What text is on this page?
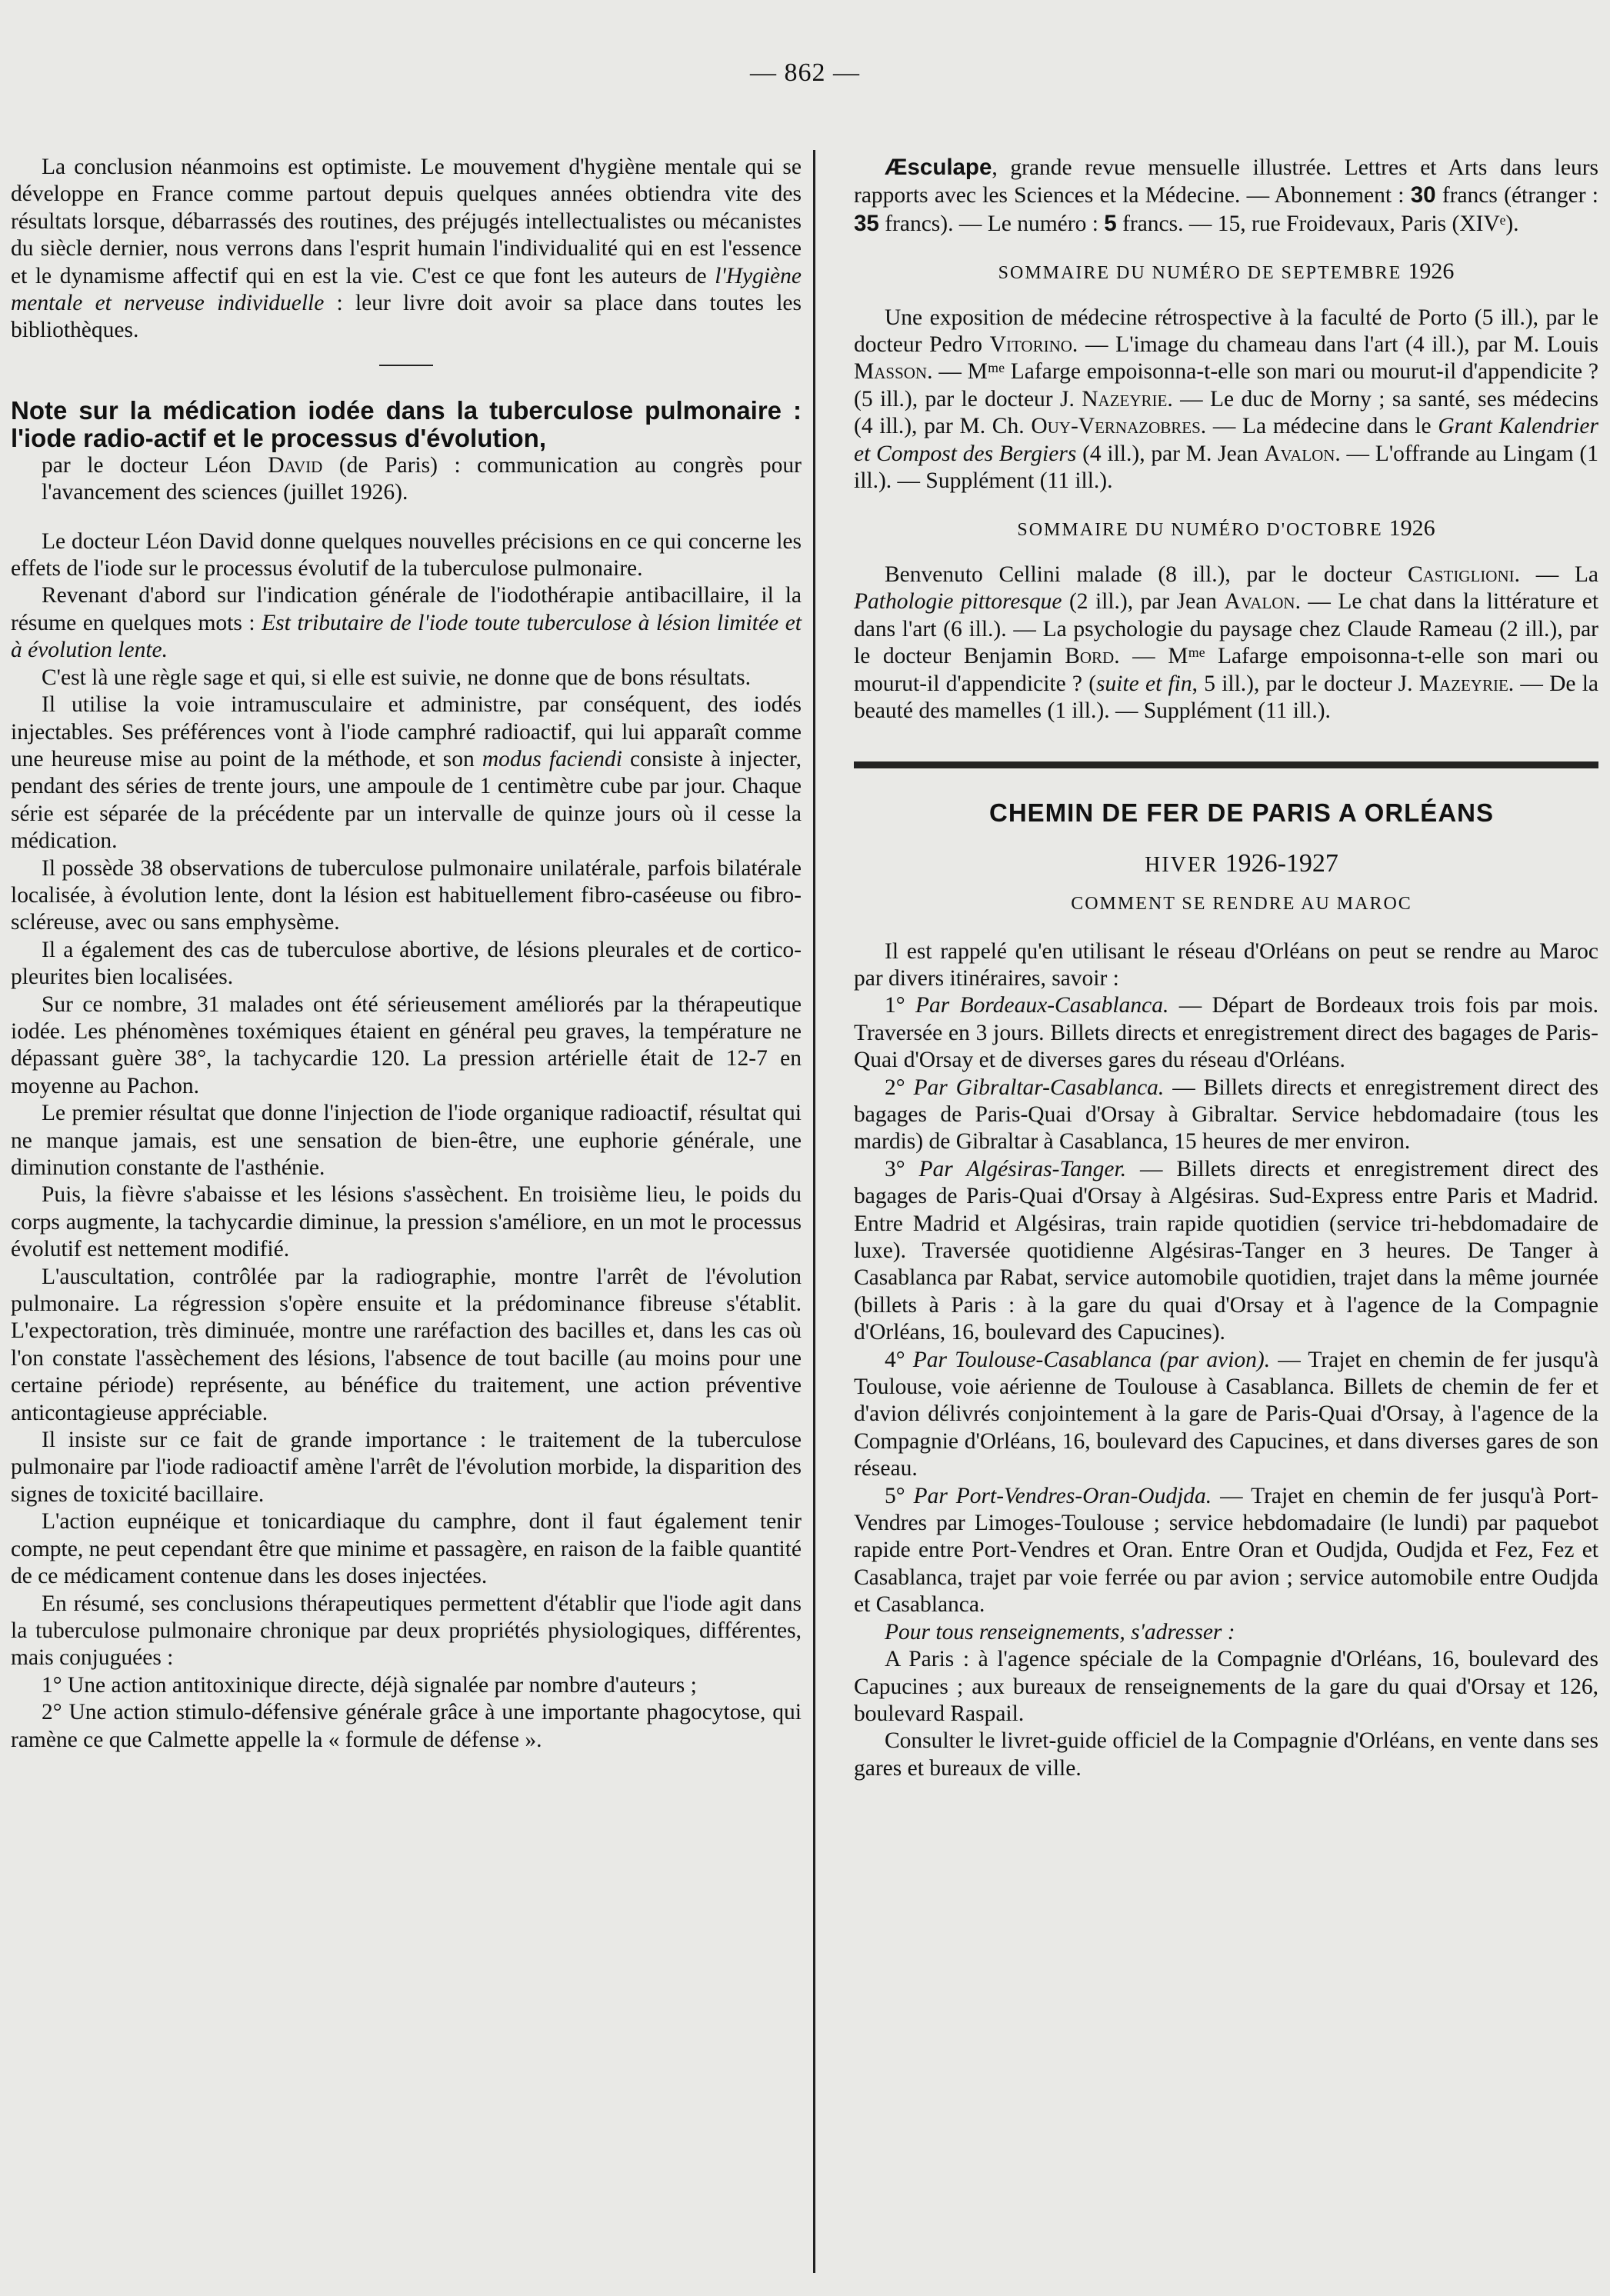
— 862 —

La conclusion néanmoins est optimiste. Le mouvement d'hygiène mentale qui se développe en France comme partout depuis quelques années obtiendra vite des résultats lorsque, débarrassés des routines, des préjugés intellectualistes ou mécanistes du siècle dernier, nous verrons dans l'esprit humain l'individualité qui en est l'essence et le dynamisme affectif qui en est la vie. C'est ce que font les auteurs de l'Hygiène mentale et nerveuse individuelle : leur livre doit avoir sa place dans toutes les bibliothèques.

Note sur la médication iodée dans la tuberculose pulmonaire : l'iode radio-actif et le processus d'évolution,

par le docteur Léon David (de Paris) : communication au congrès pour l'avancement des sciences (juillet 1926).

Le docteur Léon David donne quelques nouvelles précisions en ce qui concerne les effets de l'iode sur le processus évolutif de la tuberculose pulmonaire.

Revenant d'abord sur l'indication générale de l'iodothérapie antibacillaire, il la résume en quelques mots : Est tributaire de l'iode toute tuberculose à lésion limitée et à évolution lente.

C'est là une règle sage et qui, si elle est suivie, ne donne que de bons résultats.

Il utilise la voie intramusculaire et administre, par conséquent, des iodés injectables. Ses préférences vont à l'iode camphré radioactif, qui lui apparaît comme une heureuse mise au point de la méthode, et son modus faciendi consiste à injecter, pendant des séries de trente jours, une ampoule de 1 centimètre cube par jour. Chaque série est séparée de la précédente par un intervalle de quinze jours où il cesse la médication.

Il possède 38 observations de tuberculose pulmonaire unilatérale, parfois bilatérale localisée, à évolution lente, dont la lésion est habituellement fibro-caséeuse ou fibro-scléreuse, avec ou sans emphysème.

Il a également des cas de tuberculose abortive, de lésions pleurales et de cortico-pleurites bien localisées.

Sur ce nombre, 31 malades ont été sérieusement améliorés par la thérapeutique iodée. Les phénomènes toxémiques étaient en général peu graves, la température ne dépassant guère 38°, la tachycardie 120. La pression artérielle était de 12-7 en moyenne au Pachon.

Le premier résultat que donne l'injection de l'iode organique radioactif, résultat qui ne manque jamais, est une sensation de bien-être, une euphorie générale, une diminution constante de l'asthénie.

Puis, la fièvre s'abaisse et les lésions s'assèchent. En troisième lieu, le poids du corps augmente, la tachycardie diminue, la pression s'améliore, en un mot le processus évolutif est nettement modifié.

L'auscultation, contrôlée par la radiographie, montre l'arrêt de l'évolution pulmonaire. La régression s'opère ensuite et la prédominance fibreuse s'établit. L'expectoration, très diminuée, montre une raréfaction des bacilles et, dans les cas où l'on constate l'assèchement des lésions, l'absence de tout bacille (au moins pour une certaine période) représente, au bénéfice du traitement, une action préventive anticontagieuse appréciable.

Il insiste sur ce fait de grande importance : le traitement de la tuberculose pulmonaire par l'iode radioactif amène l'arrêt de l'évolution morbide, la disparition des signes de toxicité bacillaire.

L'action eupnéique et tonicardiaque du camphre, dont il faut également tenir compte, ne peut cependant être que minime et passagère, en raison de la faible quantité de ce médicament contenue dans les doses injectées.

En résumé, ses conclusions thérapeutiques permettent d'établir que l'iode agit dans la tuberculose pulmonaire chronique par deux propriétés physiologiques, différentes, mais conjuguées :

1° Une action antitoxinique directe, déjà signalée par nombre d'auteurs ;

2° Une action stimulo-défensive générale grâce à une importante phagocytose, qui ramène ce que Calmette appelle la « formule de défense ».

Æsculape, grande revue mensuelle illustrée. Lettres et Arts dans leurs rapports avec les Sciences et la Médecine. — Abonnement : 30 francs (étranger : 35 francs). — Le numéro : 5 francs. — 15, rue Froidevaux, Paris (XIVᵉ).

SOMMAIRE DU NUMÉRO DE SEPTEMBRE 1926

Une exposition de médecine rétrospective à la faculté de Porto (5 ill.), par le docteur Pedro Vitorino. — L'image du chameau dans l'art (4 ill.), par M. Louis Masson. — Mᵐᵉ Lafarge empoisonna-t-elle son mari ou mourut-il d'appendicite ? (5 ill.), par le docteur J. Nazeyrie. — Le duc de Morny ; sa santé, ses médecins (4 ill.), par M. Ch. Ouy-Vernazobres. — La médecine dans le Grant Kalendrier et Compost des Bergiers (4 ill.), par M. Jean Avalon. — L'offrande au Lingam (1 ill.). — Supplément (11 ill.).

SOMMAIRE DU NUMÉRO D'OCTOBRE 1926

Benvenuto Cellini malade (8 ill.), par le docteur Castiglioni. — La Pathologie pittoresque (2 ill.), par Jean Avalon. — Le chat dans la littérature et dans l'art (6 ill.). — La psychologie du paysage chez Claude Rameau (2 ill.), par le docteur Benjamin Bord. — Mᵐᵉ Lafarge empoisonna-t-elle son mari ou mourut-il d'appendicite ? (suite et fin, 5 ill.), par le docteur J. Mazeyrie. — De la beauté des mamelles (1 ill.). — Supplément (11 ill.).

CHEMIN DE FER DE PARIS A ORLÉANS

HIVER 1926-1927

COMMENT SE RENDRE AU MAROC

Il est rappelé qu'en utilisant le réseau d'Orléans on peut se rendre au Maroc par divers itinéraires, savoir :

1° Par Bordeaux-Casablanca. — Départ de Bordeaux trois fois par mois. Traversée en 3 jours. Billets directs et enregistrement direct des bagages de Paris-Quai d'Orsay et de diverses gares du réseau d'Orléans.

2° Par Gibraltar-Casablanca. — Billets directs et enregistrement direct des bagages de Paris-Quai d'Orsay à Gibraltar. Service hebdomadaire (tous les mardis) de Gibraltar à Casablanca, 15 heures de mer environ.

3° Par Algésiras-Tanger. — Billets directs et enregistrement direct des bagages de Paris-Quai d'Orsay à Algésiras. Sud-Express entre Paris et Madrid. Entre Madrid et Algésiras, train rapide quotidien (service tri-hebdomadaire de luxe). Traversée quotidienne Algésiras-Tanger en 3 heures. De Tanger à Casablanca par Rabat, service automobile quotidien, trajet dans la même journée (billets à Paris : à la gare du quai d'Orsay et à l'agence de la Compagnie d'Orléans, 16, boulevard des Capucines).

4° Par Toulouse-Casablanca (par avion). — Trajet en chemin de fer jusqu'à Toulouse, voie aérienne de Toulouse à Casablanca. Billets de chemin de fer et d'avion délivrés conjointement à la gare de Paris-Quai d'Orsay, à l'agence de la Compagnie d'Orléans, 16, boulevard des Capucines, et dans diverses gares de son réseau.

5° Par Port-Vendres-Oran-Oudjda. — Trajet en chemin de fer jusqu'à Port-Vendres par Limoges-Toulouse ; service hebdomadaire (le lundi) par paquebot rapide entre Port-Vendres et Oran. Entre Oran et Oudjda, Oudjda et Fez, Fez et Casablanca, trajet par voie ferrée ou par avion ; service automobile entre Oudjda et Casablanca.

Pour tous renseignements, s'adresser :

A Paris : à l'agence spéciale de la Compagnie d'Orléans, 16, boulevard des Capucines ; aux bureaux de renseignements de la gare du quai d'Orsay et 126, boulevard Raspail.

Consulter le livret-guide officiel de la Compagnie d'Orléans, en vente dans ses gares et bureaux de ville.
